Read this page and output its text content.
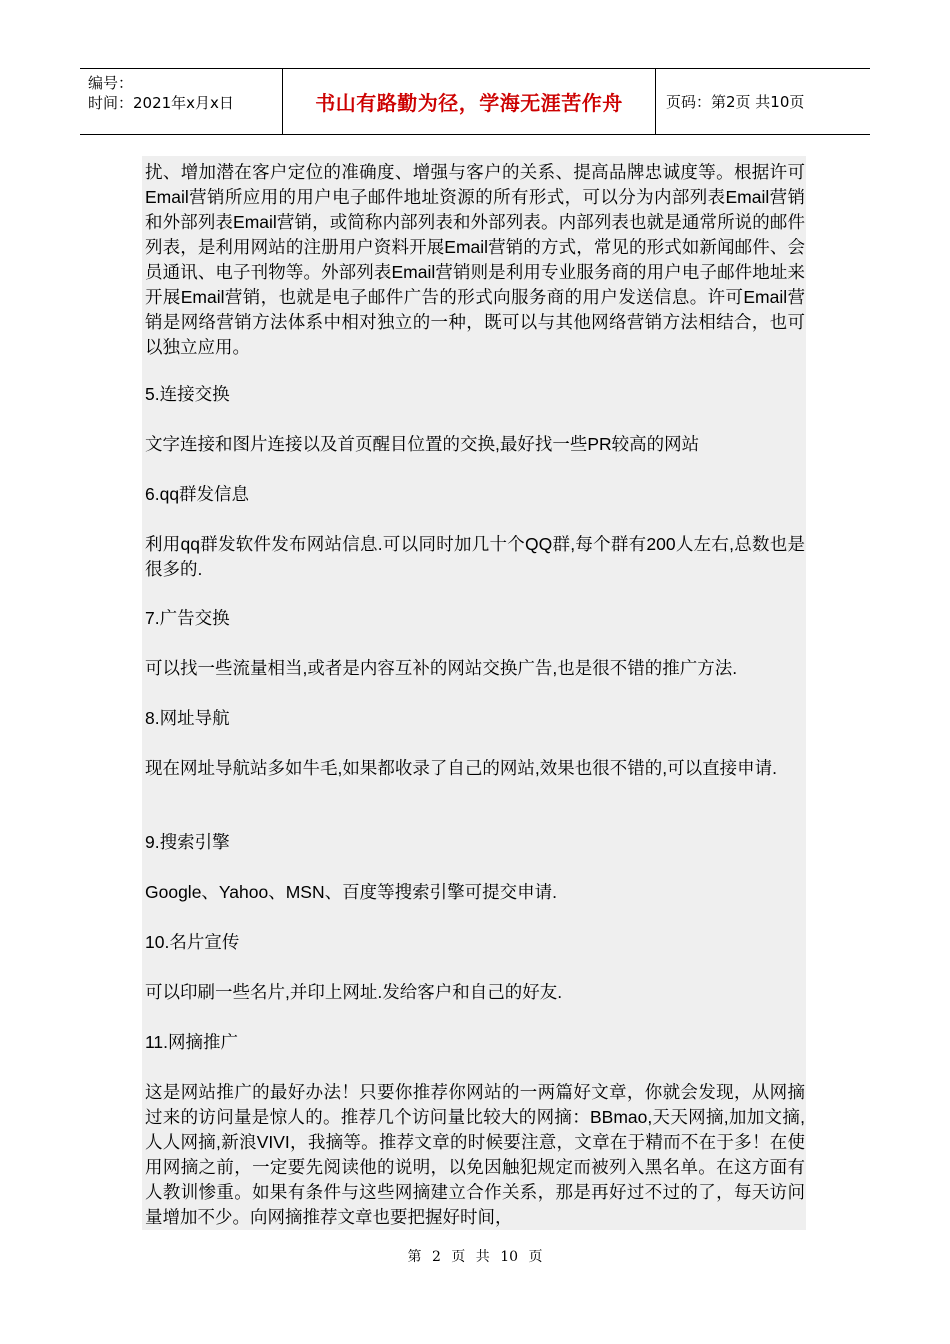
编号：
时间：2021年x月x日	书山有路勤为径，学海无涯苦作舟	页码：第2页 共10页

扰、增加潜在客户定位的准确度、增强与客户的关系、提高品牌忠诚度等。根据许可Email营销所应用的用户电子邮件地址资源的所有形式，可以分为内部列表Email营销和外部列表Email营销，或简称内部列表和外部列表。内部列表也就是通常所说的邮件列表，是利用网站的注册用户资料开展Email营销的方式，常见的形式如新闻邮件、会员通讯、电子刊物等。外部列表Email营销则是利用专业服务商的用户电子邮件地址来开展Email营销，也就是电子邮件广告的形式向服务商的用户发送信息。许可Email营销是网络营销方法体系中相对独立的一种，既可以与其他网络营销方法相结合，也可以独立应用。

5.连接交换

文字连接和图片连接以及首页醒目位置的交换,最好找一些PR较高的网站

6.qq群发信息

利用qq群发软件发布网站信息.可以同时加几十个QQ群,每个群有200人左右,总数也是很多的.

7.广告交换

可以找一些流量相当,或者是内容互补的网站交换广告,也是很不错的推广方法.

8.网址导航

现在网址导航站多如牛毛,如果都收录了自己的网站,效果也很不错的,可以直接申请.

9.搜索引擎

Google、Yahoo、MSN、百度等搜索引擎可提交申请.

10.名片宣传

可以印刷一些名片,并印上网址.发给客户和自己的好友.

11.网摘推广

这是网站推广的最好办法！只要你推荐你网站的一两篇好文章，你就会发现，从网摘过来的访问量是惊人的。推荐几个访问量比较大的网摘：BBmao,天天网摘,加加文摘,人人网摘,新浪VIVI，我摘等。推荐文章的时候要注意，文章在于精而不在于多！在使用网摘之前，一定要先阅读他的说明，以免因触犯规定而被列入黑名单。在这方面有人教训惨重。如果有条件与这些网摘建立合作关系，那是再好过不过的了，每天访问量增加不少。向网摘推荐文章也要把握好时间，

第 2 页 共 10 页
